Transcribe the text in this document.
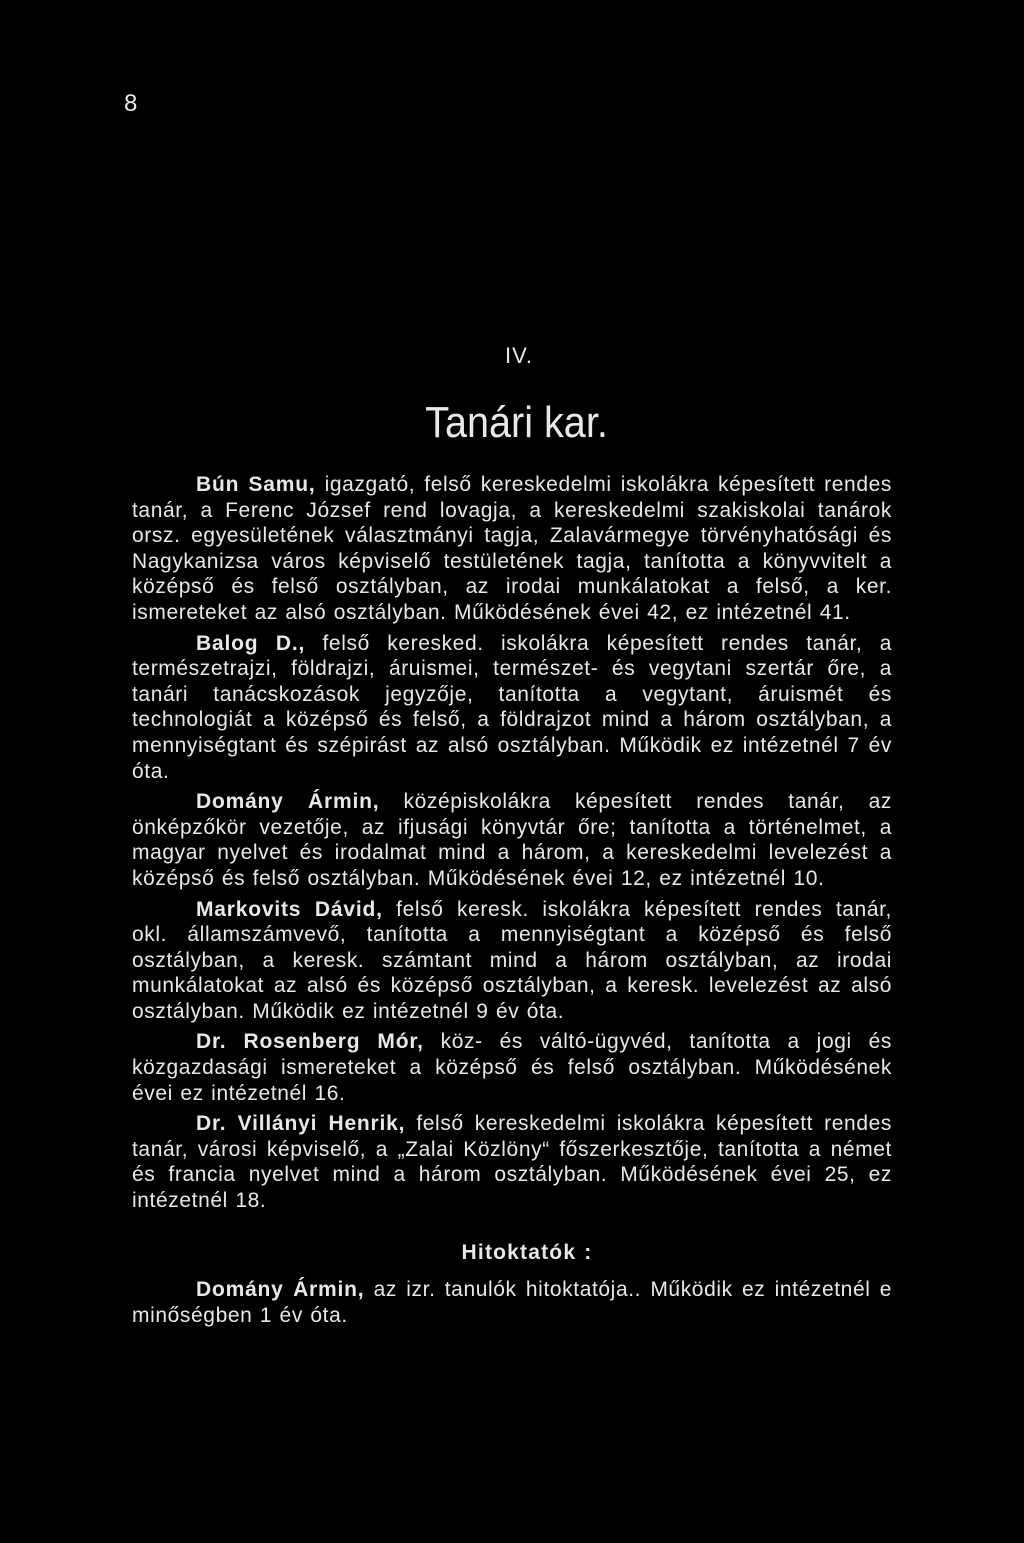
8
IV.
Tanári kar.

Bún Samu, igazgató, felső kereskedelmi iskolákra képesített rendes tanár, a Ferenc József rend lovagja, a kereskedelmi szakiskolai tanárok orsz. egyesületének választmányi tagja, Zalavármegye törvényhatósági és Nagykanizsa város képviselő testületének tagja, tanította a könyvvitelt a középső és felső osztályban, az irodai munkálatokat a felső, a ker. ismereteket az alsó osztályban. Működésének évei 42, ez intézetnél 41.

Balog D., felső keresked. iskolákra képesített rendes tanár, a természetrajzi, földrajzi, áruismei, természet- és vegytani szertár őre, a tanári tanácskozások jegyzője, tanította a vegytant, áruismét és technologiát a középső és felső, a földrajzot mind a három osztályban, a mennyiségtant és szépirást az alsó osztályban. Működik ez intézetnél 7 év óta.

Domány Ármin, középiskolákra képesített rendes tanár, az önképzőkör vezetője, az ifjusági könyvtár őre; tanította a történelmet, a magyar nyelvet és irodalmat mind a három, a kereskedelmi levelezést a középső és felső osztályban. Működésének évei 12, ez intézetnél 10.

Markovits Dávid, felső keresk. iskolákra képesített rendes tanár, okl. államszámvevő, tanította a mennyiségtant a középső és felső osztályban, a keresk. számtant mind a három osztályban, az irodai munkálatokat az alsó és középső osztályban, a keresk. levelezést az alsó osztályban. Működik ez intézetnél 9 év óta.

Dr. Rosenberg Mór, köz- és váltó-ügyvéd, tanította a jogi és közgazdasági ismereteket a középső és felső osztályban. Működésének évei ez intézetnél 16.

Dr. Villányi Henrik, felső kereskedelmi iskolákra képesített rendes tanár, városi képviselő, a „Zalai Közlöny“ főszerkesztője, tanította a német és francia nyelvet mind a három osztályban. Működésének évei 25, ez intézetnél 18.

Hitoktatók :

Domány Ármin, az izr. tanulók hitoktatója.. Működik ez intézetnél e minőségben 1 év óta.
